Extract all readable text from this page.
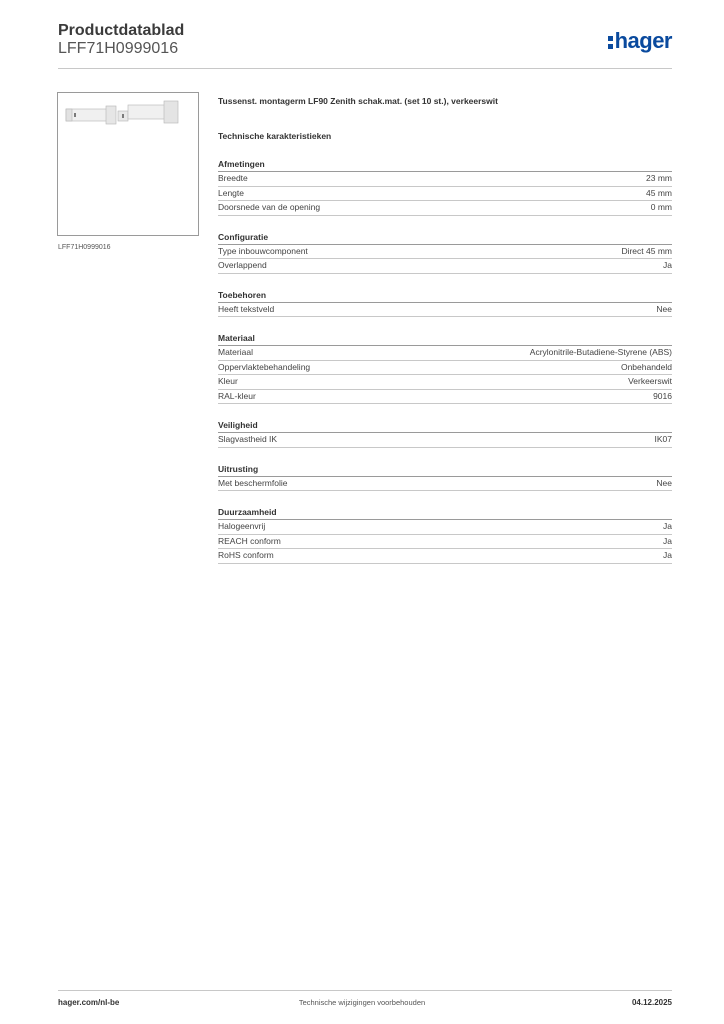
Productdatablad
LFF71H0999016	hager
LFF71H0999016
Tussenst. montagerm LF90 Zenith schak.mat. (set 10 st.), verkeerswit
Technische karakteristieken
Afmetingen
Breedte	23 mm
Lengte	45 mm
Doorsnede van de opening	0 mm
Configuratie
Type inbouwcomponent	Direct 45 mm
Overlappend	Ja
Toebehoren
Heeft tekstveld	Nee
Materiaal
Materiaal	Acrylonitrile-Butadiene-Styrene (ABS)
Oppervlaktebehandeling	Onbehandeld
Kleur	Verkeerswit
RAL-kleur	9016
Veiligheid
Slagvastheid IK	IK07
Uitrusting
Met beschermfolie	Nee
Duurzaamheid
Halogeenvrij	Ja
REACH conform	Ja
RoHS conform	Ja
hager.com/nl-be	Technische wijzigingen voorbehouden	04.12.2025
